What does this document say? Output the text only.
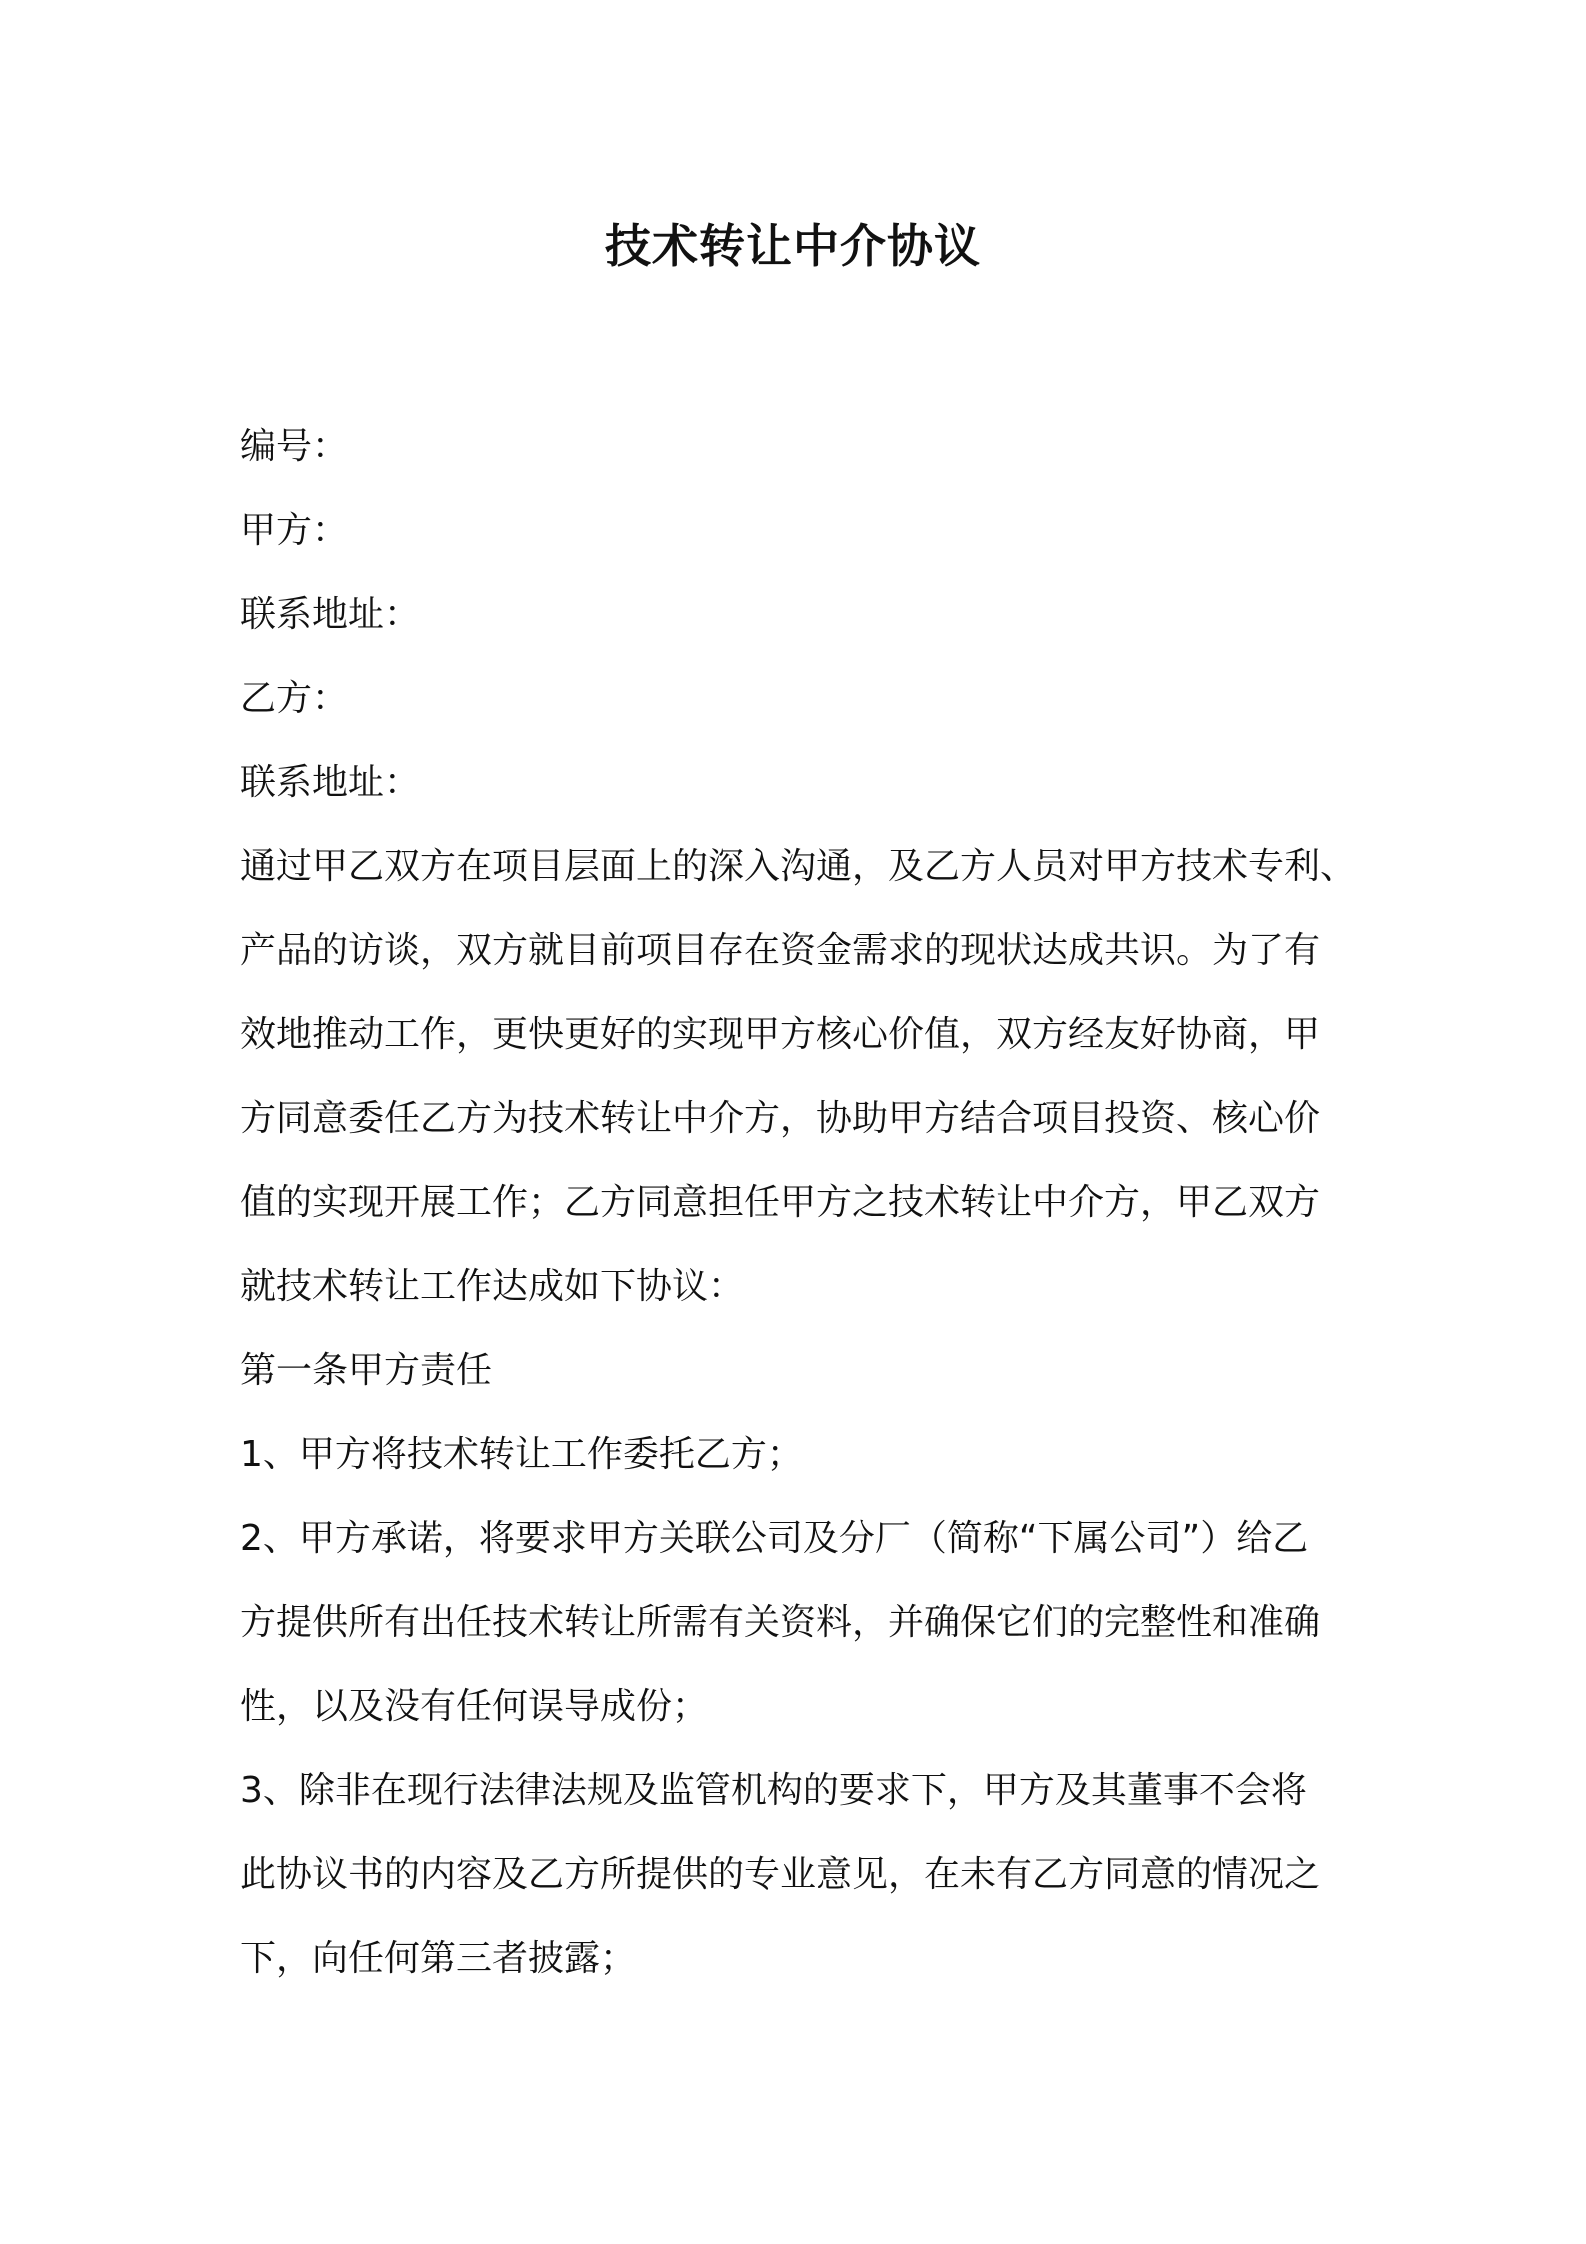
技术转让中介协议
编号：
甲方：
联系地址：
乙方：
联系地址：
通过甲乙双方在项目层面上的深入沟通，及乙方人员对甲方技术专利、
产品的访谈，双方就目前项目存在资金需求的现状达成共识。为了有
效地推动工作，更快更好的实现甲方核心价值，双方经友好协商，甲
方同意委任乙方为技术转让中介方，协助甲方结合项目投资、核心价
值的实现开展工作；乙方同意担任甲方之技术转让中介方，甲乙双方
就技术转让工作达成如下协议：
第一条甲方责任
1、甲方将技术转让工作委托乙方；
2、甲方承诺，将要求甲方关联公司及分厂（简称“下属公司”）给乙
方提供所有出任技术转让所需有关资料，并确保它们的完整性和准确
性，以及没有任何误导成份；
3、除非在现行法律法规及监管机构的要求下，甲方及其董事不会将
此协议书的内容及乙方所提供的专业意见，在未有乙方同意的情况之
下，向任何第三者披露；
